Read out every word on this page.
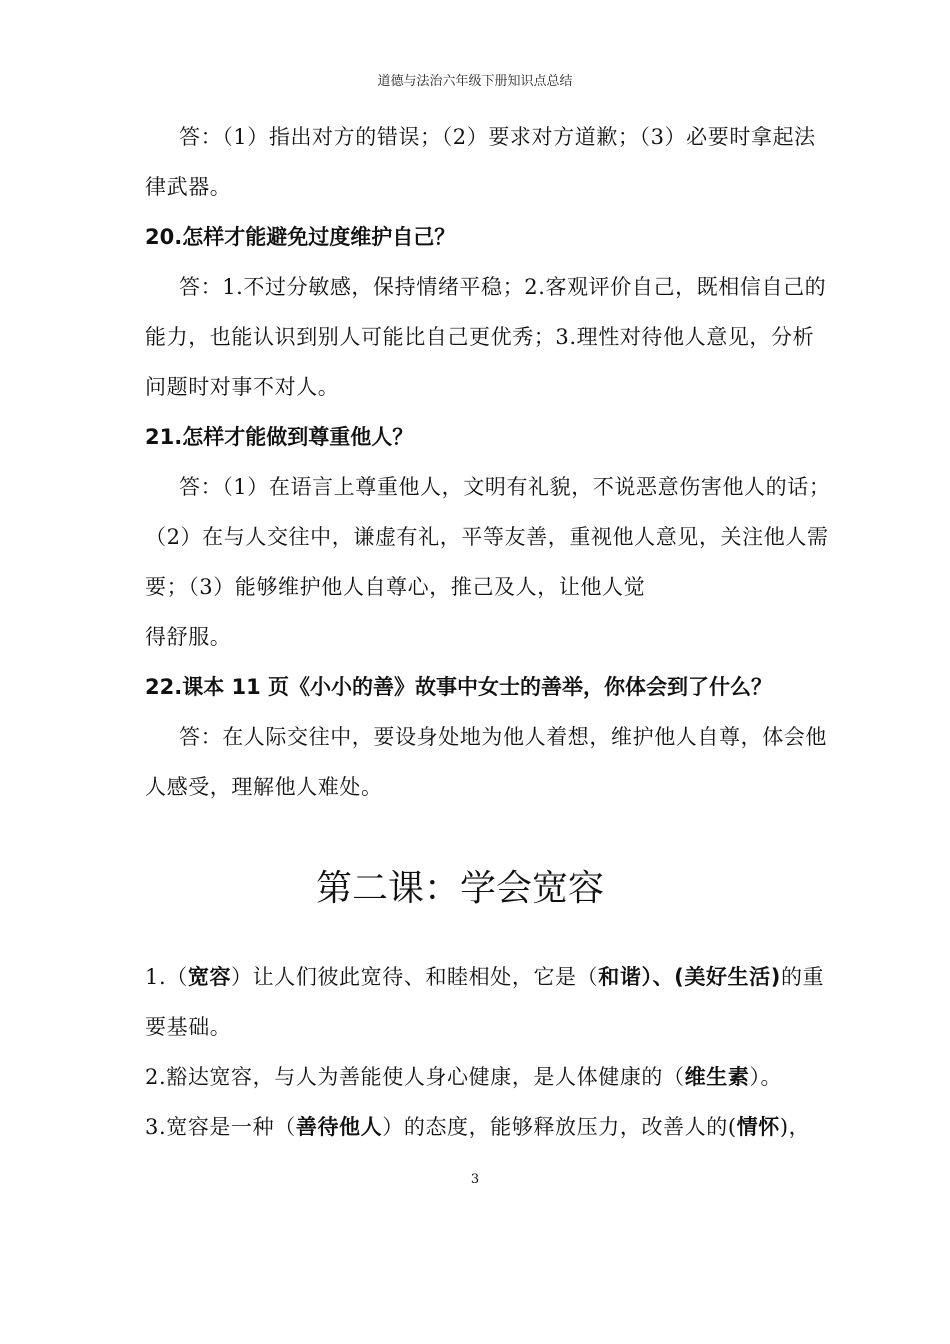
道德与法治六年级下册知识点总结

答：（1）指出对方的错误；（2）要求对方道歉；（3）必要时拿起法律武器。

20.怎样才能避免过度维护自己？

答：1.不过分敏感，保持情绪平稳；2.客观评价自己，既相信自己的能力，也能认识到别人可能比自己更优秀；3.理性对待他人意见，分析问题时对事不对人。

21.怎样才能做到尊重他人？

答：（1）在语言上尊重他人，文明有礼貌，不说恶意伤害他人的话；（2）在与人交往中，谦虚有礼，平等友善，重视他人意见，关注他人需要；（3）能够维护他人自尊心，推己及人，让他人觉

得舒服。

22.课本 11 页《小小的善》故事中女士的善举，你体会到了什么？

答：在人际交往中，要设身处地为他人着想，维护他人自尊，体会他人感受，理解他人难处。

第二课：学会宽容

1.（宽容）让人们彼此宽待、和睦相处，它是（和谐）、(美好生活)的重要基础。

2.豁达宽容，与人为善能使人身心健康，是人体健康的（维生素）。

3.宽容是一种（善待他人）的态度，能够释放压力，改善人的(情怀)，

3
